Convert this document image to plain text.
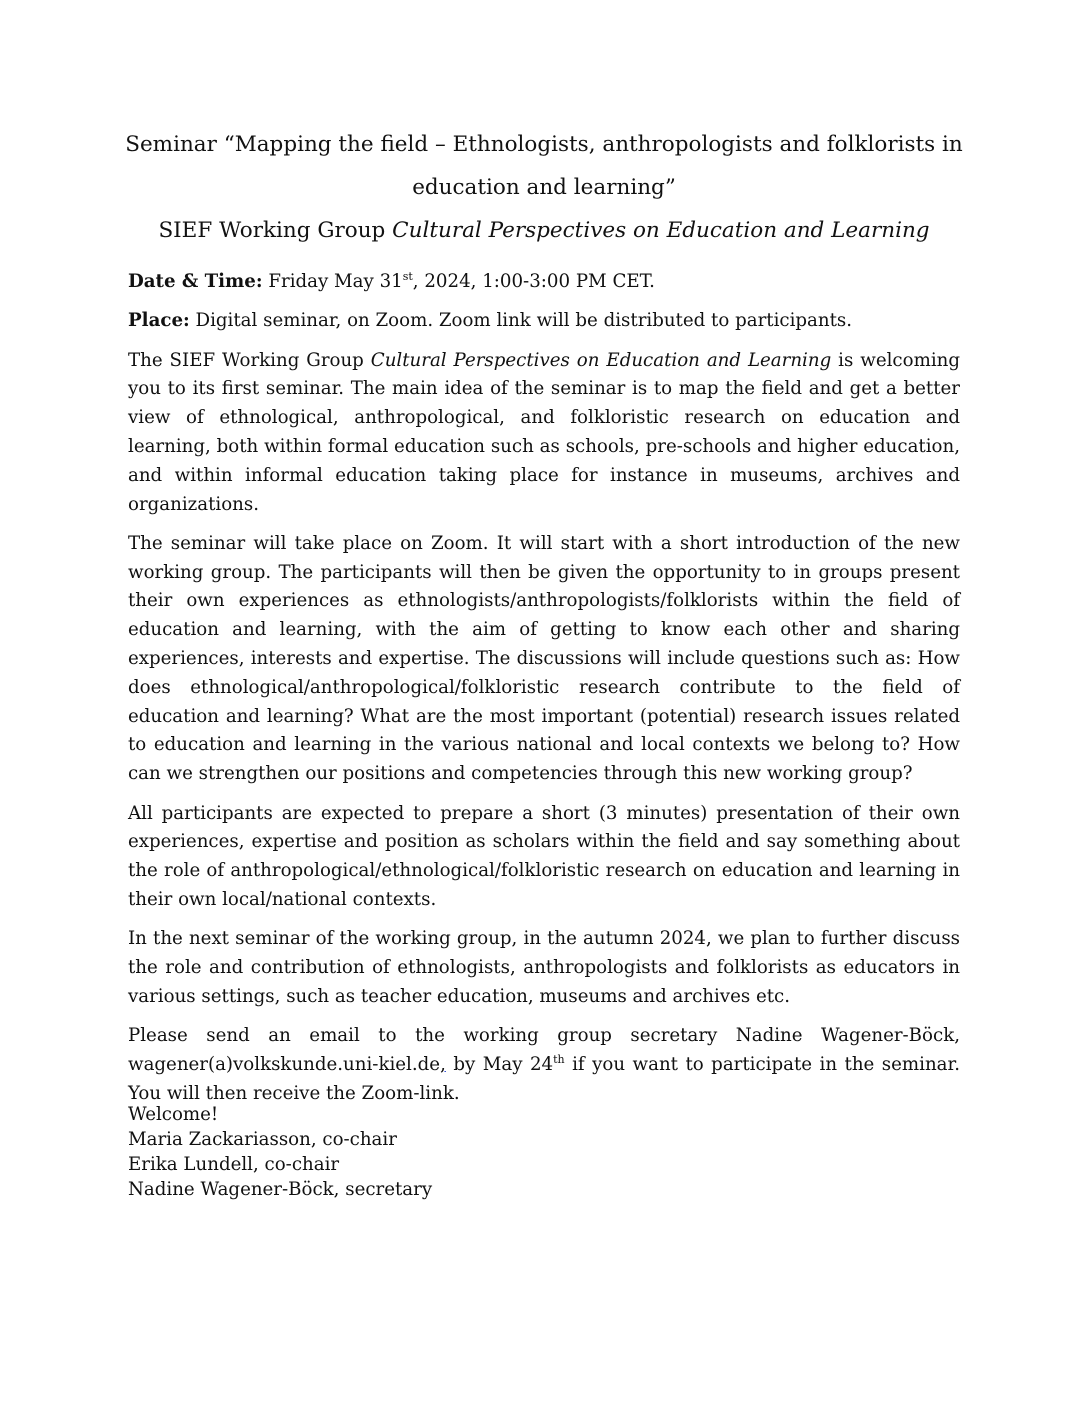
Seminar “Mapping the field – Ethnologists, anthropologists and folklorists in education and learning”
SIEF Working Group Cultural Perspectives on Education and Learning

Date & Time: Friday May 31st, 2024, 1:00-3:00 PM CET.

Place: Digital seminar, on Zoom. Zoom link will be distributed to participants.

The SIEF Working Group Cultural Perspectives on Education and Learning is welcoming you to its first seminar. The main idea of the seminar is to map the field and get a better view of ethnological, anthropological, and folkloristic research on education and learning, both within formal education such as schools, pre-schools and higher education, and within informal education taking place for instance in museums, archives and organizations.

The seminar will take place on Zoom. It will start with a short introduction of the new working group. The participants will then be given the opportunity to in groups present their own experiences as ethnologists/anthropologists/folklorists within the field of education and learning, with the aim of getting to know each other and sharing experiences, interests and expertise. The discussions will include questions such as: How does ethnological/anthropological/folkloristic research contribute to the field of education and learning? What are the most important (potential) research issues related to education and learning in the various national and local contexts we belong to? How can we strengthen our positions and competencies through this new working group?

All participants are expected to prepare a short (3 minutes) presentation of their own experiences, expertise and position as scholars within the field and say something about the role of anthropological/ethnological/folkloristic research on education and learning in their own local/national contexts.

In the next seminar of the working group, in the autumn 2024, we plan to further discuss the role and contribution of ethnologists, anthropologists and folklorists as educators in various settings, such as teacher education, museums and archives etc.

Please send an email to the working group secretary Nadine Wagener-Böck, wagener(a)volkskunde.uni-kiel.de, by May 24th if you want to participate in the seminar. You will then receive the Zoom-link.

Welcome!
Maria Zackariasson, co-chair
Erika Lundell, co-chair
Nadine Wagener-Böck, secretary
